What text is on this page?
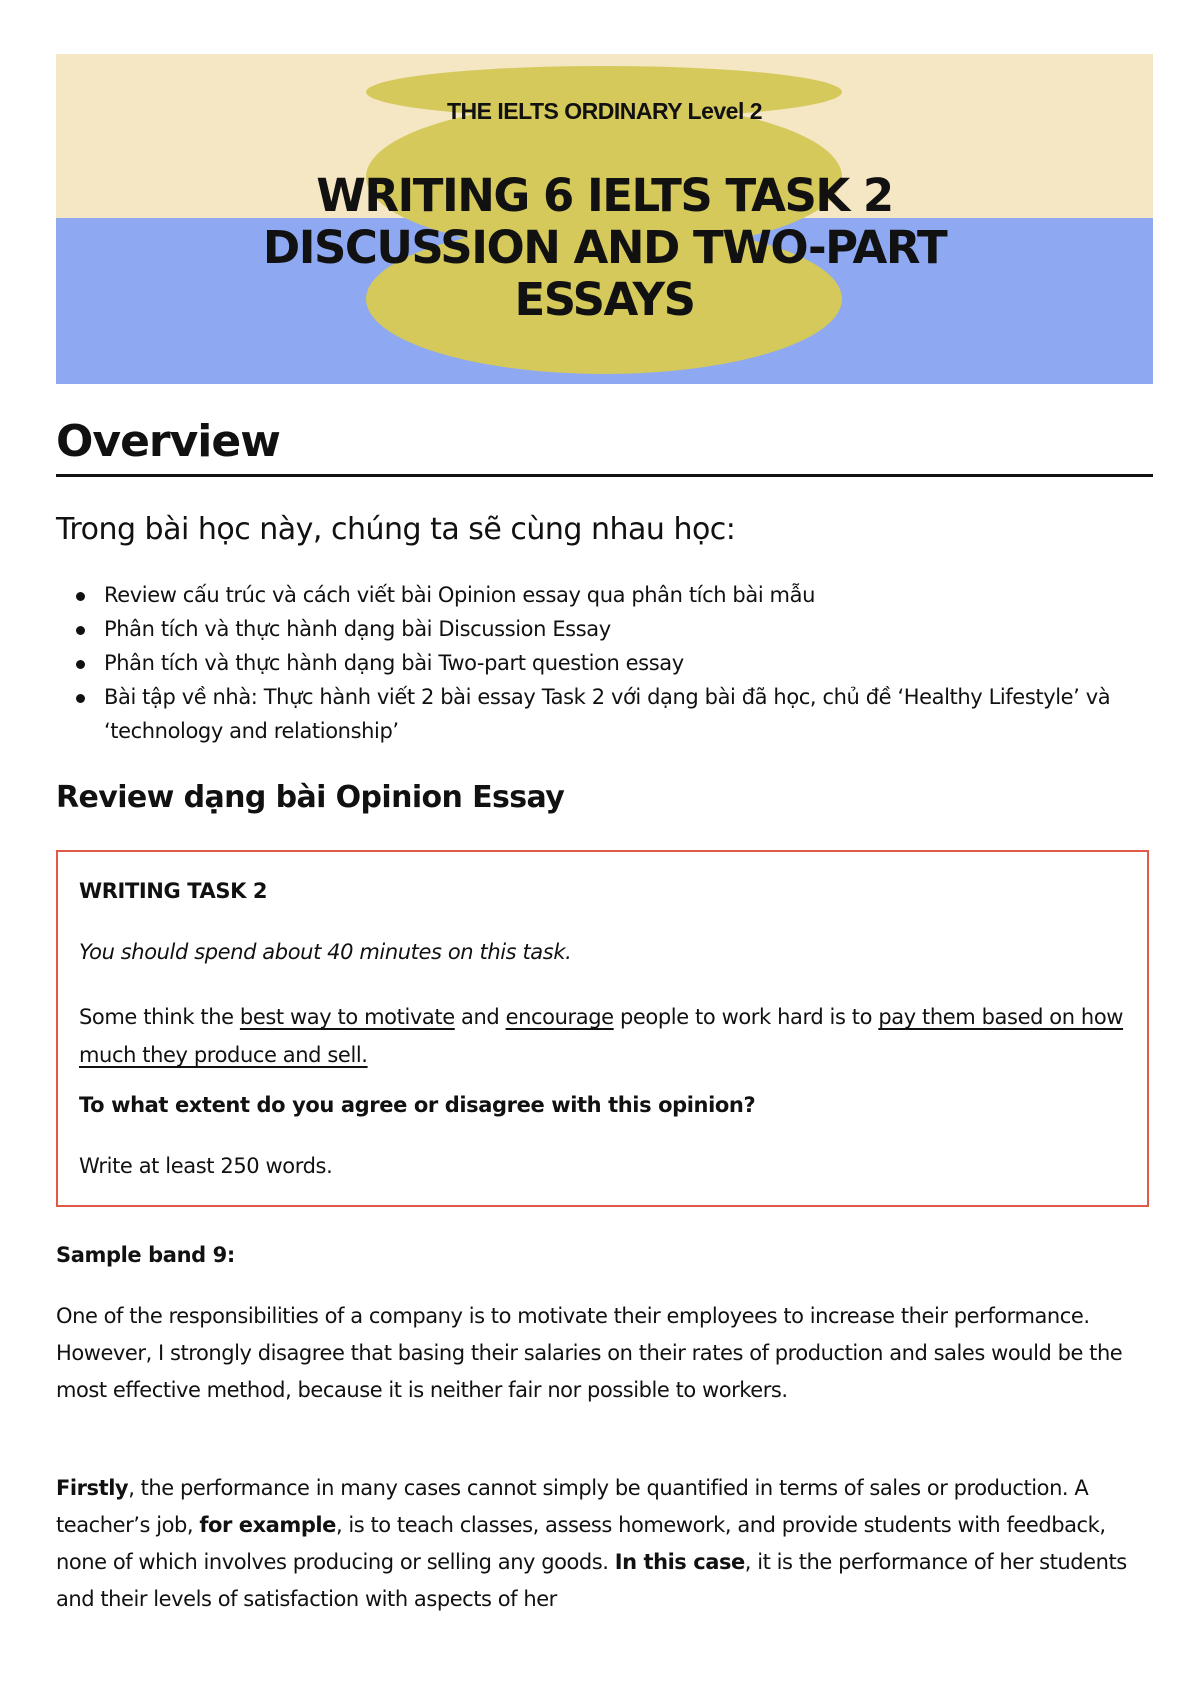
THE IELTS ORDINARY Level 2
WRITING 6 IELTS TASK 2
DISCUSSION AND TWO-PART
ESSAYS
Overview

Trong bài học này, chúng ta sẽ cùng nhau học:

Review cấu trúc và cách viết bài Opinion essay qua phân tích bài mẫu
Phân tích và thực hành dạng bài Discussion Essay
Phân tích và thực hành dạng bài Two-part question essay
Bài tập về nhà: Thực hành viết 2 bài essay Task 2 với dạng bài đã học, chủ đề ‘Healthy Lifestyle’ và ‘technology and relationship’
Review dạng bài Opinion Essay

WRITING TASK 2

You should spend about 40 minutes on this task.

Some think the best way to motivate and encourage people to work hard is to pay them based on how much they produce and sell.

To what extent do you agree or disagree with this opinion?

Write at least 250 words.

Sample band 9:

One of the responsibilities of a company is to motivate their employees to increase their performance. However, I strongly disagree that basing their salaries on their rates of production and sales would be the most effective method, because it is neither fair nor possible to workers.

Firstly, the performance in many cases cannot simply be quantified in terms of sales or production. A teacher’s job, for example, is to teach classes, assess homework, and provide students with feedback, none of which involves producing or selling any goods. In this case, it is the performance of her students and their levels of satisfaction with aspects of her
